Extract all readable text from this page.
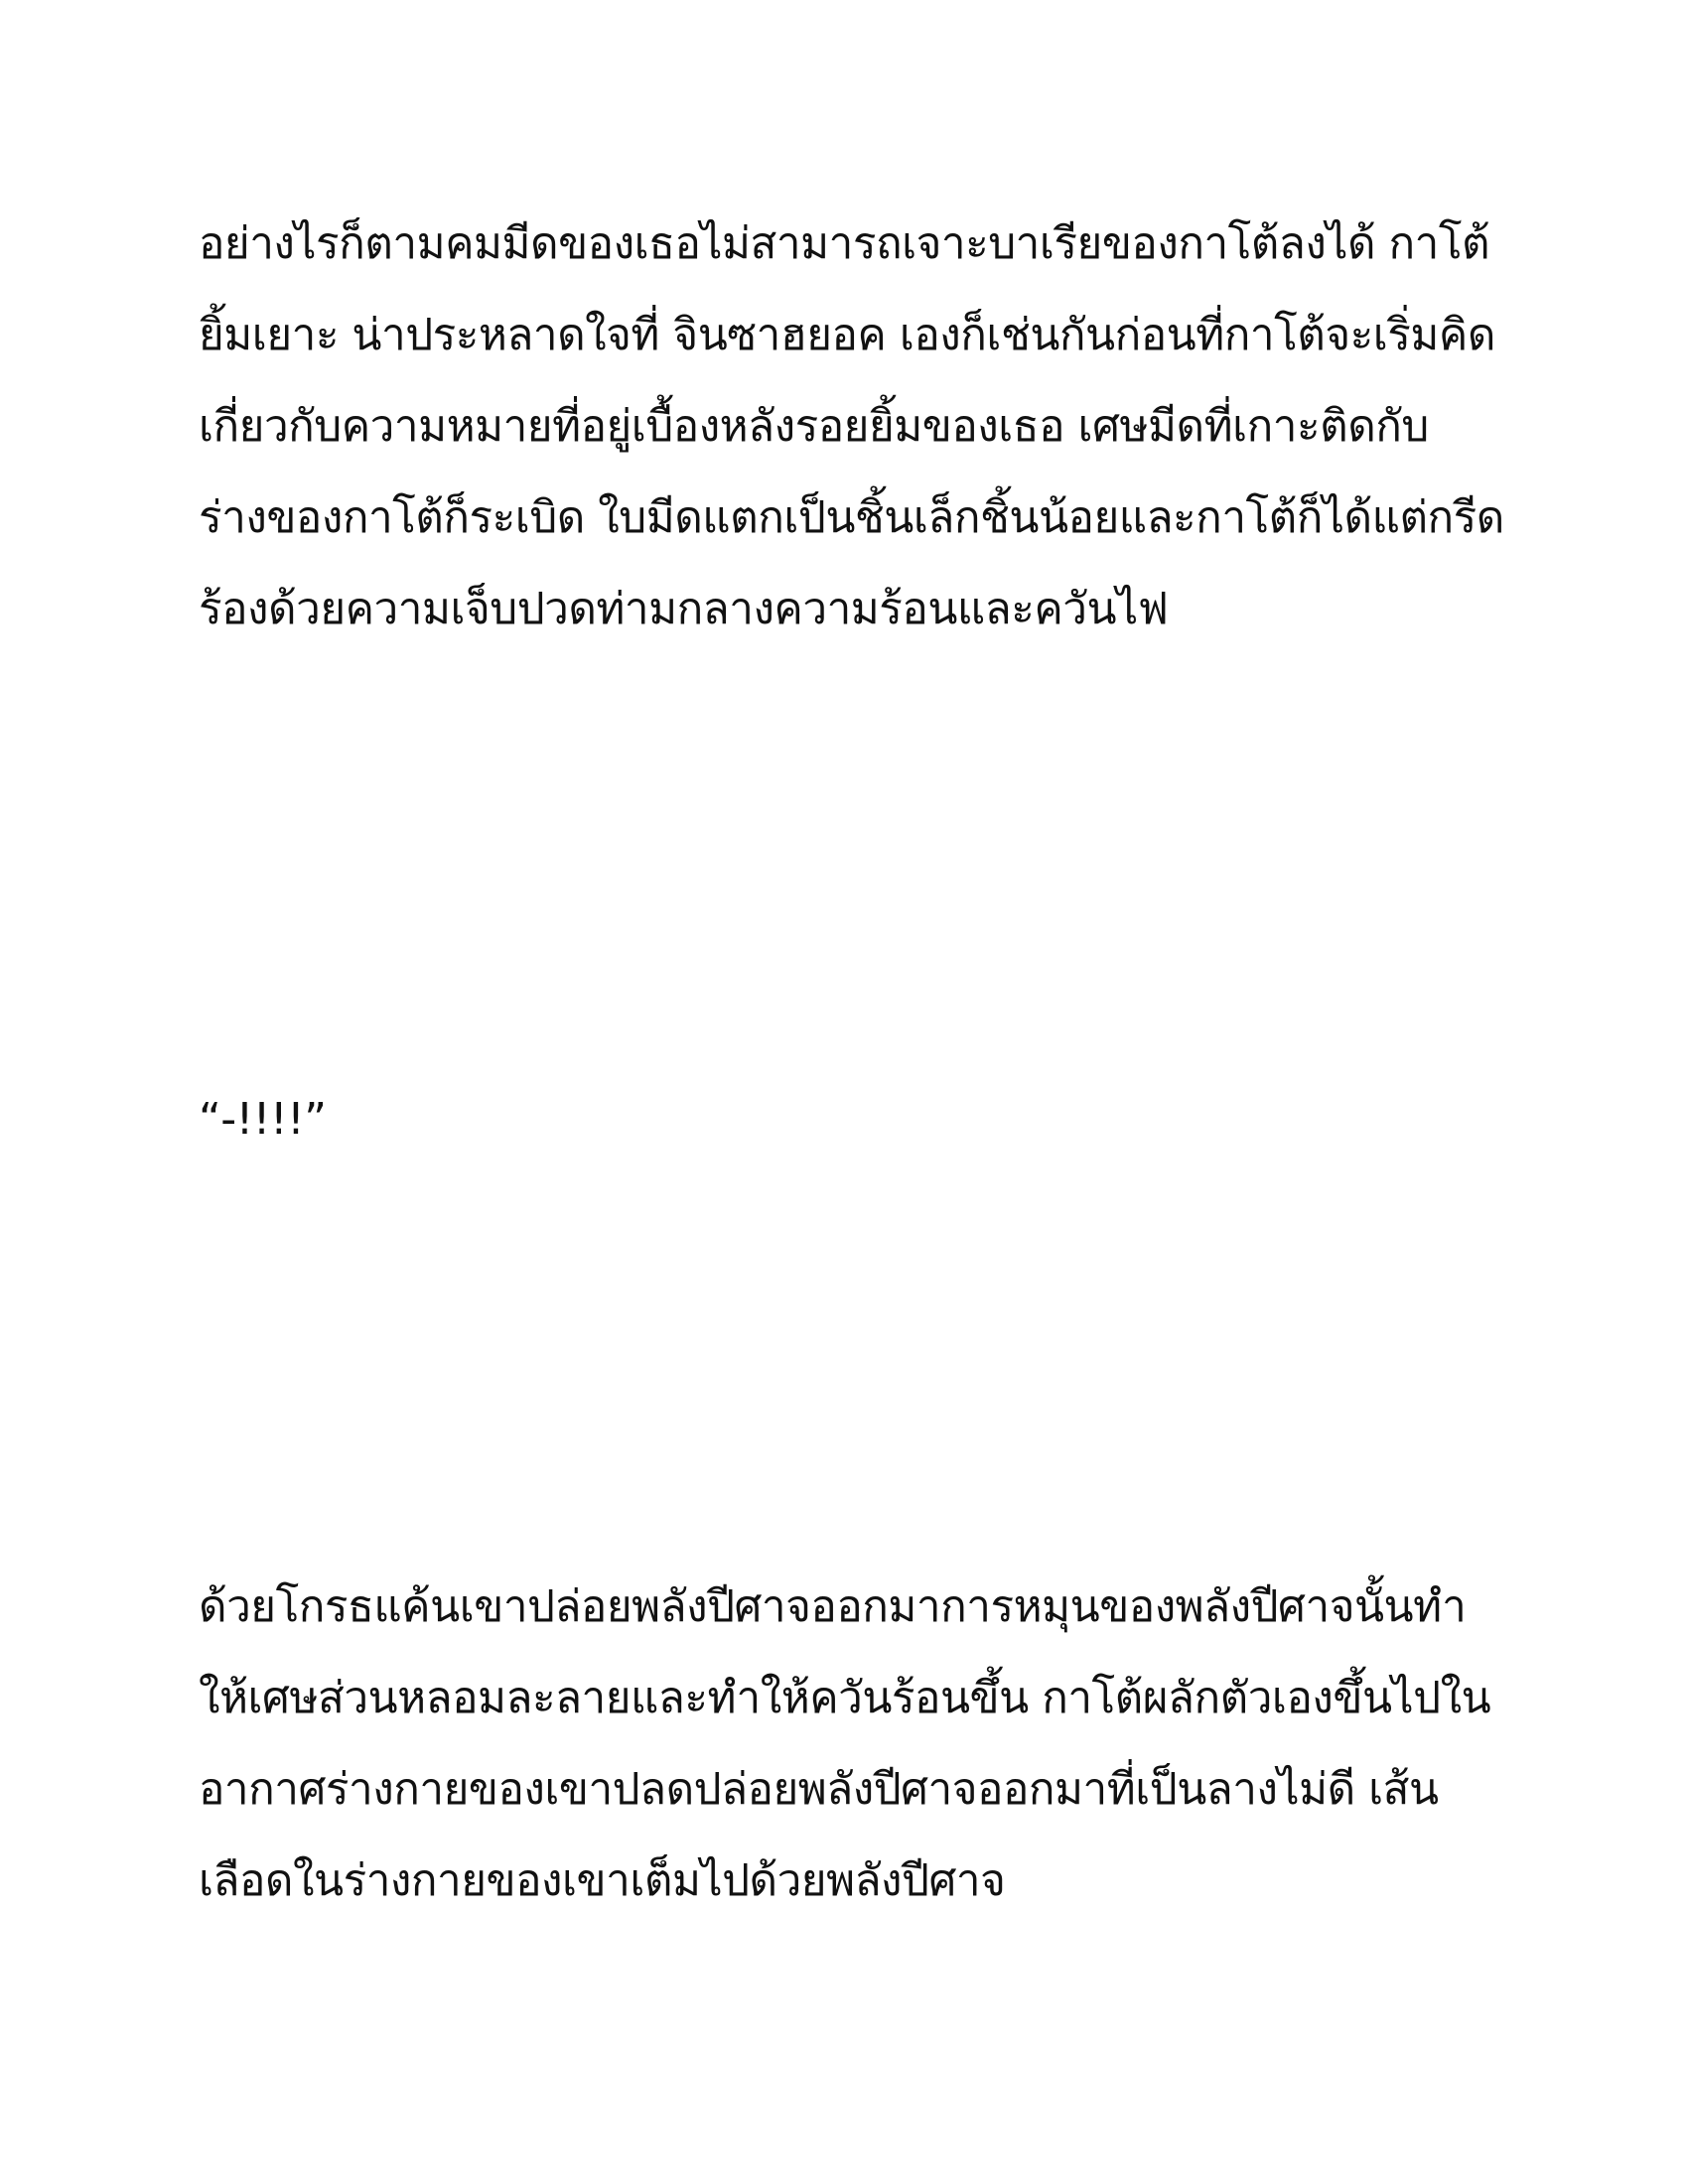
อย่างไรก็ตามคมมีดของเธอไม่สามารถเจาะบาเรียของกาโต้ลงได้ กาโต้
ยิ้มเยาะ น่าประหลาดใจที่ จินซาฮยอค เองก็เช่นกันก่อนที่กาโต้จะเริ่มคิด
เกี่ยวกับความหมายที่อยู่เบื้องหลังรอยยิ้มของเธอ เศษมีดที่เกาะติดกับ
ร่างของกาโต้ก็ระเบิด ใบมีดแตกเป็นชิ้นเล็กชิ้นน้อยและกาโต้ก็ได้แต่กรีด
ร้องด้วยความเจ็บปวดท่ามกลางความร้อนและควันไฟ
“-!!!!”
ด้วยโกรธแค้นเขาปล่อยพลังปีศาจออกมาการหมุนของพลังปีศาจนั้นทำ
ให้เศษส่วนหลอมละลายและทำให้ควันร้อนขึ้น กาโต้ผลักตัวเองขึ้นไปใน
อากาศร่างกายของเขาปลดปล่อยพลังปีศาจออกมาที่เป็นลางไม่ดี เส้น
เลือดในร่างกายของเขาเต็มไปด้วยพลังปีศาจ
